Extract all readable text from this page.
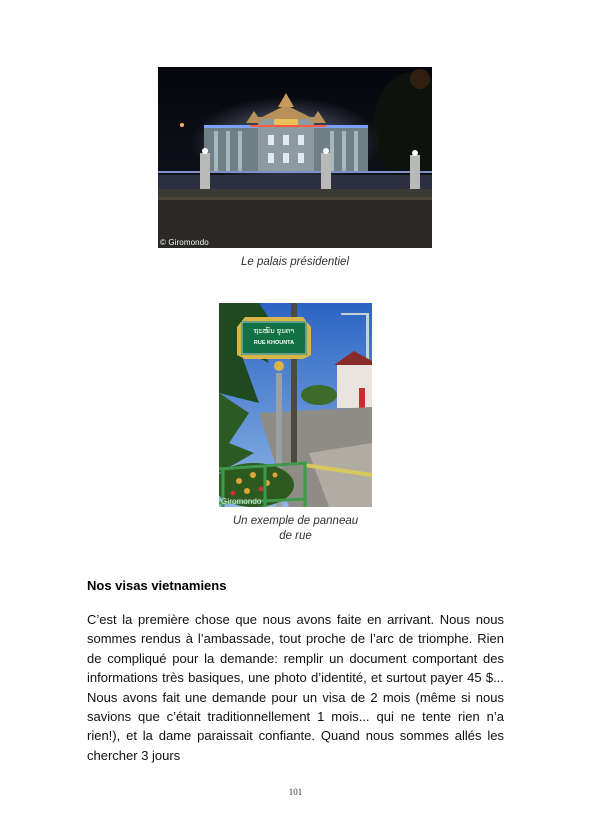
© Giromondo
Le palais présidentiel
ຖະໜົນ ຂຸນຕາ
RUE KHOUNTA
Giromondo
Un exemple de panneau
de rue
Nos visas vietnamiens
C’est la première chose que nous avons faite en arrivant. Nous nous sommes rendus à l’ambassade, tout proche de l’arc de triomphe. Rien de compliqué pour la demande: remplir un document comportant des informations très basiques, une photo d’identité, et surtout payer 45 $... Nous avons fait une demande pour un visa de 2 mois (même si nous savions que c’était traditionnellement 1 mois... qui ne tente rien n’a rien!), et la dame paraissait confiante. Quand nous sommes allés les chercher 3 jours
101
